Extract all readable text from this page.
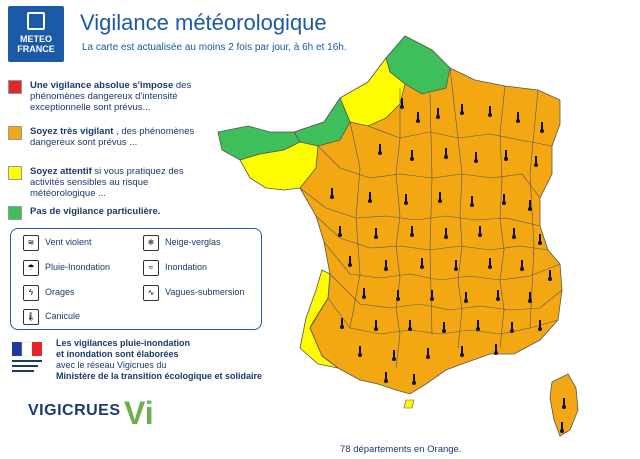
METEO
FRANCE
Vigilance météorologique
La carte est actualisée au moins 2 fois par jour, à 6h et 16h.
Une vigilance absolue s'impose des phénomènes dangereux d'intensité exceptionnelle sont prévus...
Soyez très vigilant , des phénomènes dangereux sont prévus ...
Soyez attentif si vous pratiquez des activités sensibles au risque météorologique ...
Pas de vigilance particulière.
≋	Vent violent	❄	Neige-verglas
☂	Pluie-Inondation	≈	Inondation
ϟ	Orages	∿	Vagues-submersion
🌡 Canicule
Les vigilances pluie-inondation
et inondation sont élaborées
avec le réseau Vigicrues du
Ministère de la transition écologique et solidaire
VIGICRUES Vi
78 départements en Orange.
